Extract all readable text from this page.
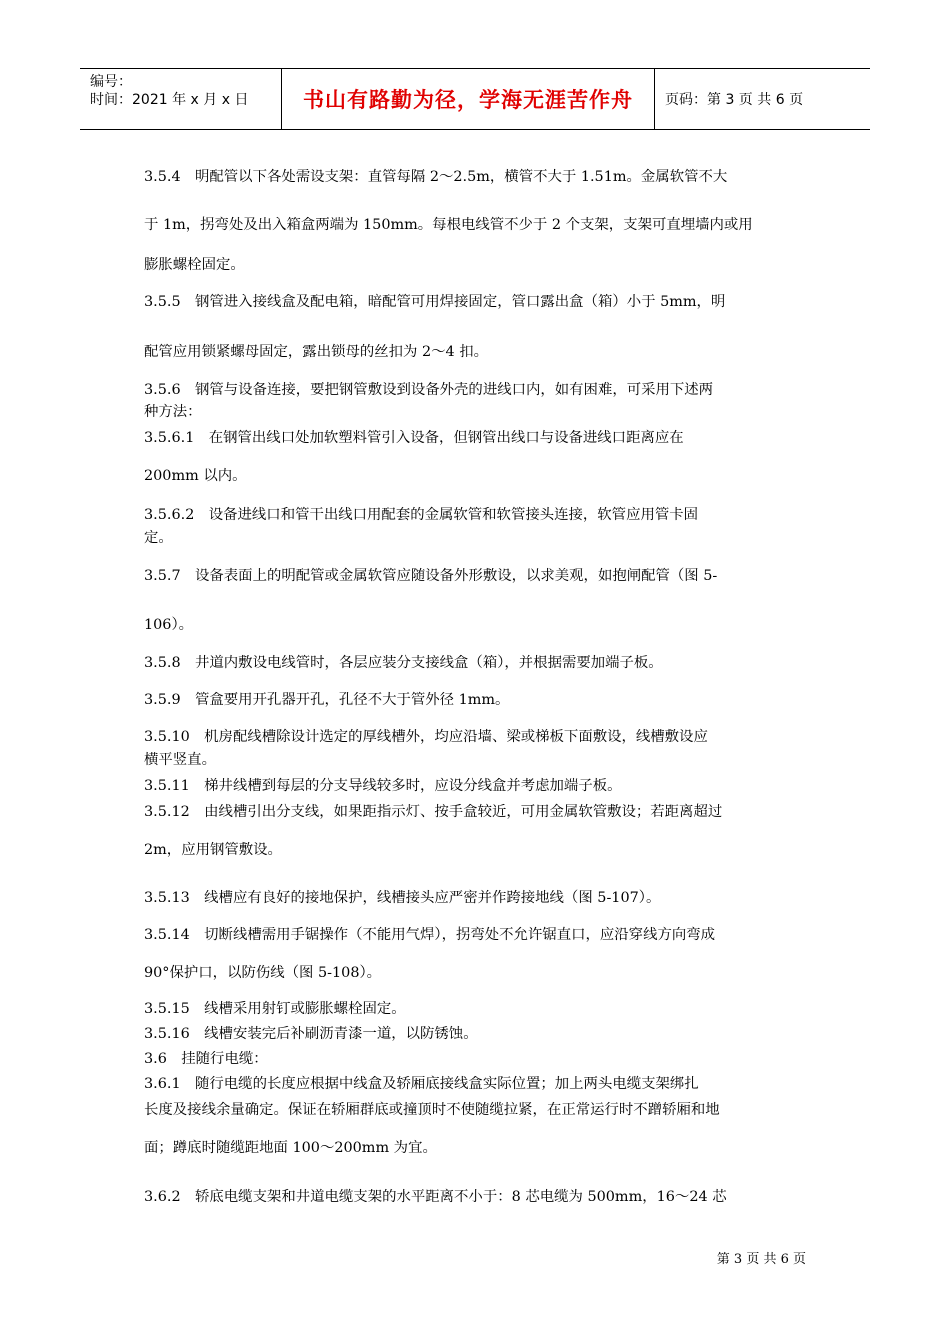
编号：
时间：2021 年 x 月 x 日	书山有路勤为径，学海无涯苦作舟 页码：第 3 页 共 6 页

3.5.4　明配管以下各处需设支架：直管每隔 2～2.5m，横管不大于 1.51m。金属软管不大

于 1m，拐弯处及出入箱盒两端为 150mm。每根电线管不少于 2 个支架，支架可直埋墙内或用

膨胀螺栓固定。

3.5.5　钢管进入接线盒及配电箱，暗配管可用焊接固定，管口露出盒（箱）小于 5mm，明

配管应用锁紧螺母固定，露出锁母的丝扣为 2～4 扣。

3.5.6　钢管与设备连接，要把钢管敷设到设备外壳的进线口内，如有困难，可采用下述两

种方法：

3.5.6.1　在钢管出线口处加软塑料管引入设备，但钢管出线口与设备进线口距离应在

200mm 以内。

3.5.6.2　设备进线口和管干出线口用配套的金属软管和软管接头连接，软管应用管卡固

定。

3.5.7　设备表面上的明配管或金属软管应随设备外形敷设，以求美观，如抱闸配管（图 5-

106）。

3.5.8　井道内敷设电线管时，各层应装分支接线盒（箱），并根据需要加端子板。

3.5.9　管盒要用开孔器开孔，孔径不大于管外径 1mm。

3.5.10　机房配线槽除设计选定的厚线槽外，均应沿墙、梁或梯板下面敷设，线槽敷设应

横平竖直。

3.5.11　梯井线槽到每层的分支导线较多时，应设分线盒并考虑加端子板。

3.5.12　由线槽引出分支线，如果距指示灯、按手盒较近，可用金属软管敷设；若距离超过

2m，应用钢管敷设。

3.5.13　线槽应有良好的接地保护，线槽接头应严密并作跨接地线（图 5-107）。

3.5.14　切断线槽需用手锯操作（不能用气焊），拐弯处不允许锯直口，应沿穿线方向弯成

90°保护口，以防伤线（图 5-108）。

3.5.15　线槽采用射钉或膨胀螺栓固定。

3.5.16　线槽安装完后补刷沥青漆一道，以防锈蚀。

3.6　挂随行电缆：

3.6.1　随行电缆的长度应根据中线盒及轿厢底接线盒实际位置；加上两头电缆支架绑扎

长度及接线余量确定。保证在轿厢群底或撞顶时不使随缆拉紧，在正常运行时不蹭轿厢和地

面；蹲底时随缆距地面 100～200mm 为宜。

3.6.2　轿底电缆支架和井道电缆支架的水平距离不小于：8 芯电缆为 500mm，16～24 芯

第 3 页 共 6 页
